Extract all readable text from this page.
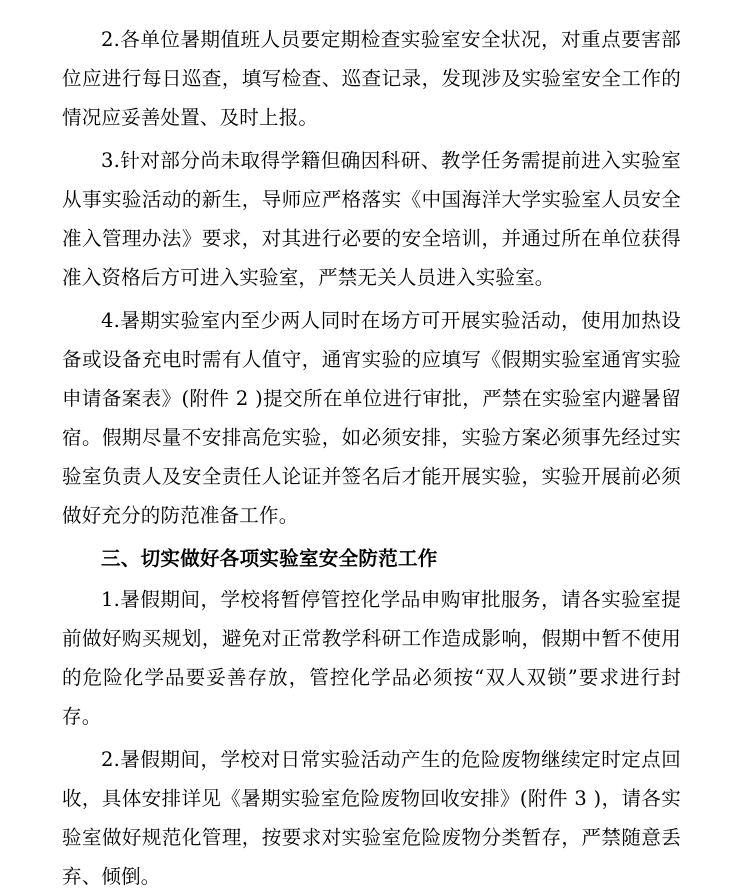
2.各单位暑期值班人员要定期检查实验室安全状况，对重点要害部位应进行每日巡查，填写检查、巡查记录，发现涉及实验室安全工作的情况应妥善处置、及时上报。

3.针对部分尚未取得学籍但确因科研、教学任务需提前进入实验室从事实验活动的新生，导师应严格落实《中国海洋大学实验室人员安全准入管理办法》要求，对其进行必要的安全培训，并通过所在单位获得准入资格后方可进入实验室，严禁无关人员进入实验室。

4.暑期实验室内至少两人同时在场方可开展实验活动，使用加热设备或设备充电时需有人值守，通宵实验的应填写《假期实验室通宵实验申请备案表》(附件 2 )提交所在单位进行审批，严禁在实验室内避暑留宿。假期尽量不安排高危实验，如必须安排，实验方案必须事先经过实验室负责人及安全责任人论证并签名后才能开展实验，实验开展前必须做好充分的防范准备工作。

三、切实做好各项实验室安全防范工作

1.暑假期间，学校将暂停管控化学品申购审批服务，请各实验室提前做好购买规划，避免对正常教学科研工作造成影响，假期中暂不使用的危险化学品要妥善存放，管控化学品必须按“双人双锁”要求进行封存。

2.暑假期间，学校对日常实验活动产生的危险废物继续定时定点回收，具体安排详见《暑期实验室危险废物回收安排》(附件 3 )，请各实验室做好规范化管理，按要求对实验室危险废物分类暂存，严禁随意丢弃、倾倒。
